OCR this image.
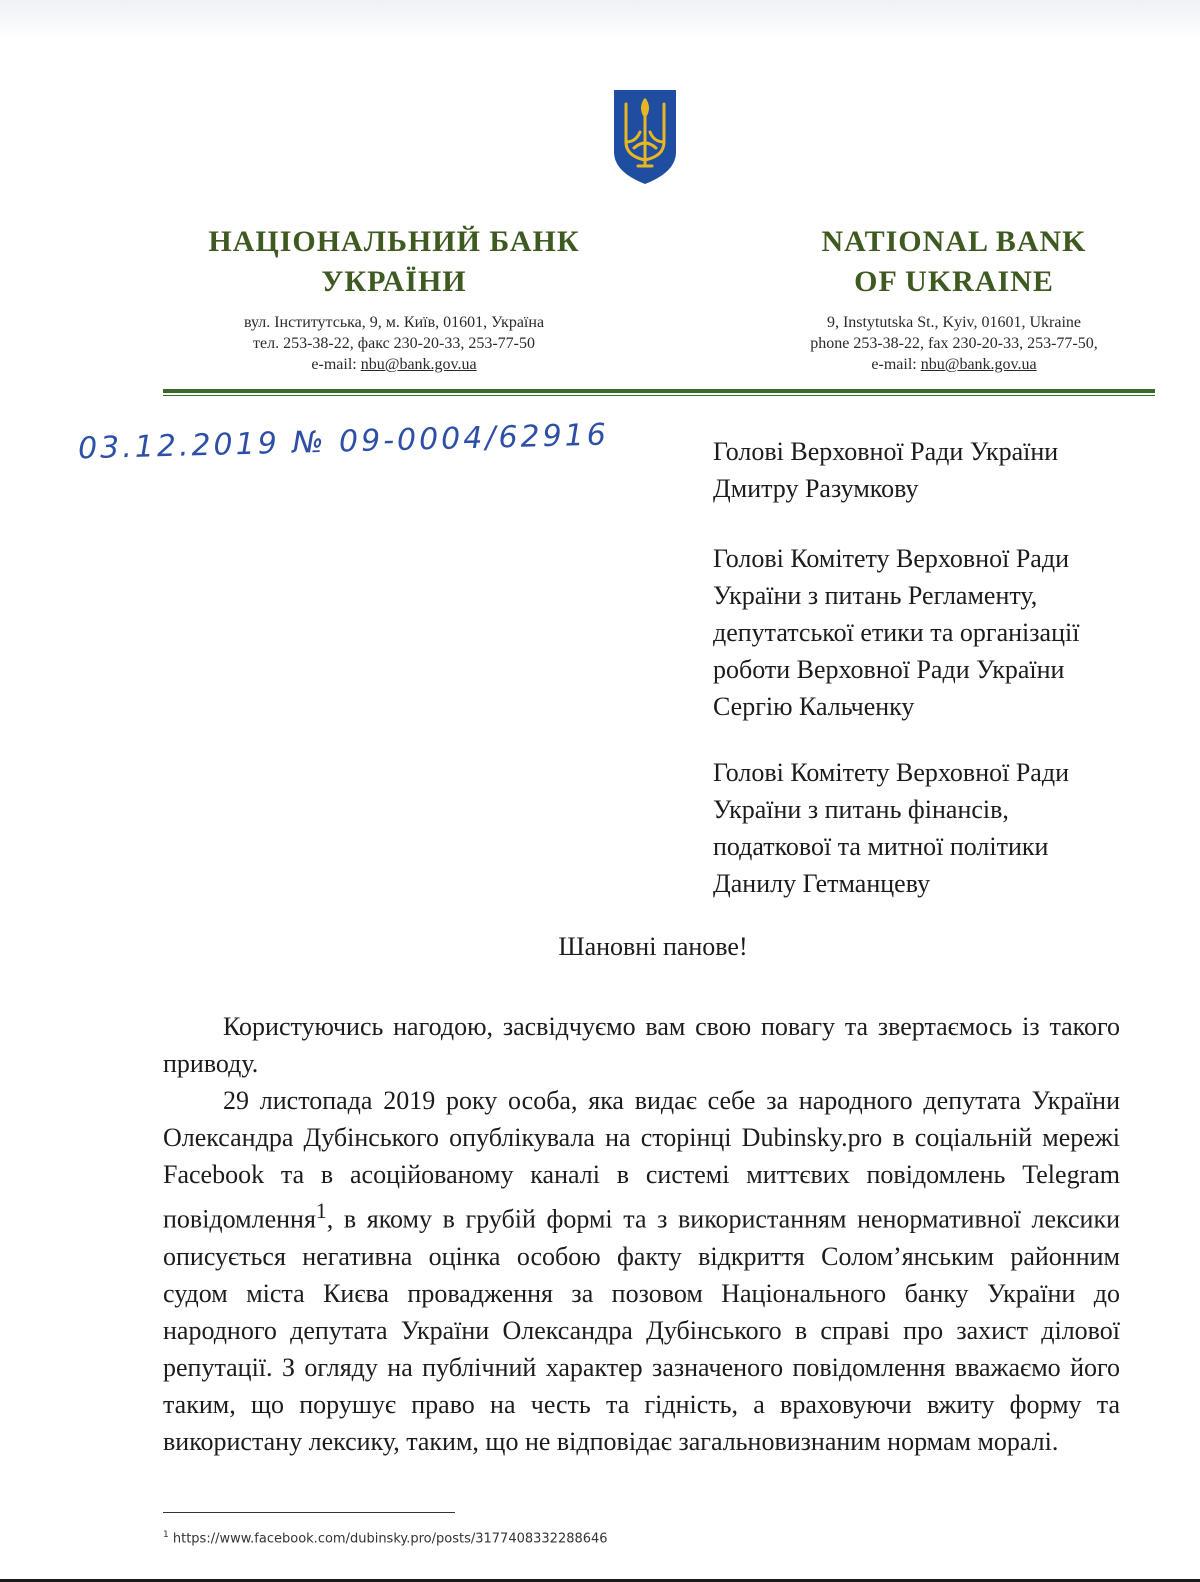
НАЦІОНАЛЬНИЙ БАНК
УКРАЇНИ
NATIONAL BANK
OF UKRAINE
вул. Інститутська, 9, м. Київ, 01601, Україна
тел. 253-38-22, факс 230-20-33, 253-77-50
e-mail: nbu@bank.gov.ua
9, Instytutska St., Kyiv, 01601, Ukraine
phone 253-38-22, fax 230-20-33, 253-77-50,
e-mail: nbu@bank.gov.ua
03.12.2019 № 09-0004/62916	Голові Верховної Ради України
Дмитру Разумкову
Голові Комітету Верховної Ради
України з питань Регламенту,
депутатської етики та організації
роботи Верховної Ради України
Сергію Кальченку
Голові Комітету Верховної Ради
України з питань фінансів,
податкової та митної політики
Данилу Гетманцеву
Шановні панове!

Користуючись нагодою, засвідчуємо вам свою повагу та звертаємось із такого приводу.

29 листопада 2019 року особа, яка видає себе за народного депутата України Олександра Дубінського опублікувала на сторінці Dubinsky.pro в соціальній мережі Facebook та в асоційованому каналі в системі миттєвих повідомлень Telegram повідомлення$^1$, в якому в грубій формі та з використанням ненормативної лексики описується негативна оцінка особою факту відкриття Солом’янським районним судом міста Києва провадження за позовом Національного банку України до народного депутата України Олександра Дубінського в справі про захист ділової репутації. З огляду на публічний характер зазначеного повідомлення вважаємо його таким, що порушує право на честь та гідність, а враховуючи вжиту форму та використану лексику, таким, що не відповідає загальновизнаним нормам моралі.

$^1$ https://www.facebook.com/dubinsky.pro/posts/3177408332288646
